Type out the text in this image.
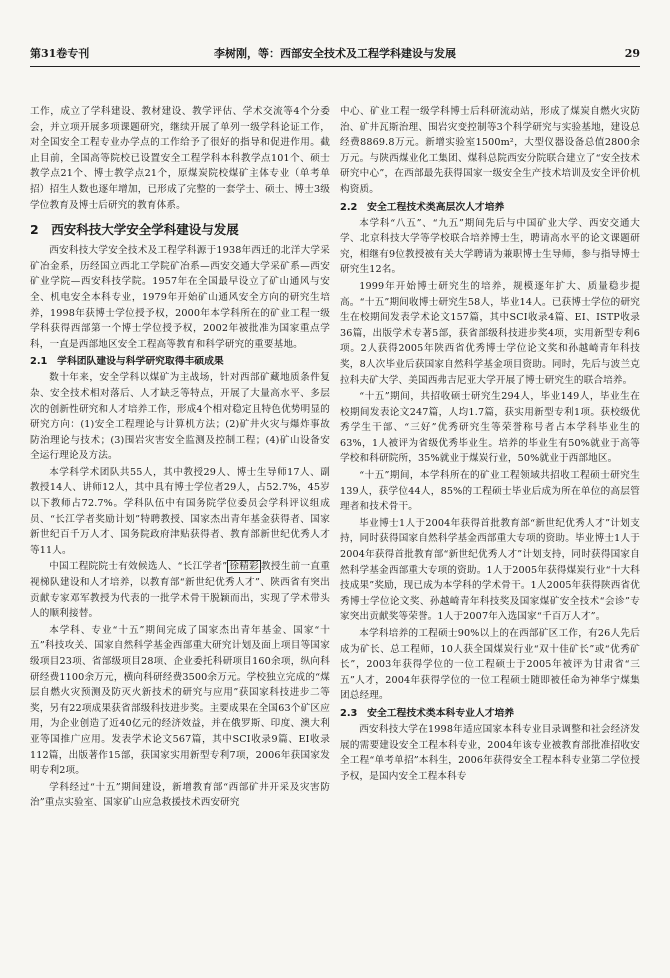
第31卷专刊	李树刚，等：西部安全技术及工程学科建设与发展	29

工作，成立了学科建设、教材建设、教学评估、学术交流等4个分委会，并立项开展多项课题研究，继续开展了单列一级学科论证工作，对全国安全工程专业办学点的工作给予了很好的指导和促进作用。截止目前，全国高等院校已设置安全工程学科本科教学点101个、硕士教学点21个、博士教学点21个，原煤炭院校煤矿主体专业（单考单招）招生人数也逐年增加，已形成了完整的一套学士、硕士、博士3级学位教育及博士后研究的教育体系。

2　西安科技大学安全学科建设与发展

西安科技大学安全技术及工程学科源于1938年西迁的北洋大学采矿冶金系，历经国立西北工学院矿冶系—西安交通大学采矿系—西安矿业学院—西安科技学院。1957年在全国最早设立了矿山通风与安全、机电安全本科专业，1979年开始矿山通风安全方向的研究生培养，1998年获博士学位授予权，2000年本学科所在的矿业工程一级学科获得西部第一个博士学位授予权，2002年被批准为国家重点学科，一直是西部地区安全工程高等教育和科学研究的重要基地。

2.1　学科团队建设与科学研究取得丰硕成果

数十年来，安全学科以煤矿为主战场，针对西部矿藏地质条件复杂、安全技术相对落后、人才缺乏等特点，开展了大量高水平、多层次的创新性研究和人才培养工作，形成4个相对稳定且特色优势明显的研究方向：(1)安全工程理论与计算机方法；(2)矿井火灾与爆炸事故防治理论与技术；(3)围岩灾害安全监测及控制工程；(4)矿山设备安全运行理论及方法。

本学科学术团队共55人，其中教授29人、博士生导师17人、副教授14人、讲师12人，其中具有博士学位者29人，占52.7%，45岁以下教师占72.7%。学科队伍中有国务院学位委员会学科评议组成员、“长江学者奖励计划”特聘教授、国家杰出青年基金获得者、国家新世纪百千万人才、国务院政府津贴获得者、教育部新世纪优秀人才等11人。

中国工程院院士有效候选人、“长江学者” 徐精彩 教授生前一直重视梯队建设和人才培养，以教育部“新世纪优秀人才”、陕西省有突出贡献专家邓军教授为代表的一批学术骨干脱颖而出，实现了学术带头人的顺利接替。

本学科、专业“十五”期间完成了国家杰出青年基金、国家“十五”科技攻关、国家自然科学基金西部重大研究计划及面上项目等国家级项目23项、省部级项目28项、企业委托科研项目160余项，纵向科研经费1100余万元，横向科研经费3500余万元。学校独立完成的“煤层自燃火灾预测及防灭火新技术的研究与应用”获国家科技进步二等奖，另有22项成果获省部级科技进步奖。主要成果在全国63个矿区应用，为企业创造了近40亿元的经济效益，并在俄罗斯、印度、澳大利亚等国推广应用。发表学术论文567篇，其中SCI收录9篇、EI收录112篇，出版著作15部，获国家实用新型专利7项，2006年获国家发明专利2项。

学科经过“十五”期间建设，新增教育部“西部矿井开采及灾害防治”重点实验室、国家矿山应急救援技术西安研究

中心、矿业工程一级学科博士后科研流动站，形成了煤炭自燃火灾防治、矿井瓦斯治理、围岩灾变控制等3个科学研究与实验基地，建设总经费8869.8万元。新增实验室1500m²，大型仪器设备总值2800余万元。与陕西煤业化工集团、煤科总院西安分院联合建立了“安全技术研究中心”，在西部最先获得国家一级安全生产技术培训及安全评价机构资质。

2.2　安全工程技术类高层次人才培养

本学科“八五”、“九五”期间先后与中国矿业大学、西安交通大学、北京科技大学等学校联合培养博士生，聘请高水平的论文课题研究，相继有9位教授被有关大学聘请为兼职博士生导师，参与指导博士研究生12名。

1999年开始博士研究生的培养，规模逐年扩大、质量稳步提高。“十五”期间收博士研究生58人，毕业14人。已获博士学位的研究生在校期间发表学术论文157篇，其中SCI收录4篇、EI、ISTP收录36篇，出版学术专著5部，获省部级科技进步奖4项，实用新型专利6项。2人获得2005年陕西省优秀博士学位论文奖和孙越崎青年科技奖，8人次毕业后获国家自然科学基金项目资助。同时，先后与波兰克拉科夫矿大学、美国西弗吉尼亚大学开展了博士研究生的联合培养。

“十五”期间，共招收硕士研究生294人，毕业149人，毕业生在校期间发表论文247篇，人均1.7篇，获实用新型专利1项。获校级优秀学生干部、“三好”优秀研究生等荣誉称号者占本学科毕业生的63%，1人被评为省级优秀毕业生。培养的毕业生有50%就业于高等学校和科研院所，35%就业于煤炭行业，50%就业于西部地区。

“十五”期间，本学科所在的矿业工程领域共招收工程硕士研究生139人，获学位44人，85%的工程硕士毕业后成为所在单位的高层管理者和技术骨干。

毕业博士1人于2004年获得首批教育部“新世纪优秀人才”计划支持，同时获得国家自然科学基金西部重大专项的资助。毕业博士1人于2004年获得首批教育部“新世纪优秀人才”计划支持，同时获得国家自然科学基金西部重大专项的资助。1人于2005年获得煤炭行业“十大科技成果”奖励，现已成为本学科的学术骨干。1人2005年获得陕西省优秀博士学位论文奖、孙越崎青年科技奖及国家煤矿安全技术“会诊”专家突出贡献奖等荣誉。1人于2007年入选国家“千百万人才”。

本学科培养的工程硕士90%以上的在西部矿区工作，有26人先后成为矿长、总工程师，10人获全国煤炭行业“双十佳矿长”或“优秀矿长”，2003年获得学位的一位工程硕士于2005年被评为甘肃省“三五”人才，2004年获得学位的一位工程硕士随即被任命为神华宁煤集团总经理。

2.3　安全工程技术类本科专业人才培养

西安科技大学在1998年适应国家本科专业目录调整和社会经济发展的需要建设安全工程本科专业，2004年该专业被教育部批准招收安全工程“单考单招”本科生，2006年获得安全工程本科专业第二学位授予权，是国内安全工程本科专
